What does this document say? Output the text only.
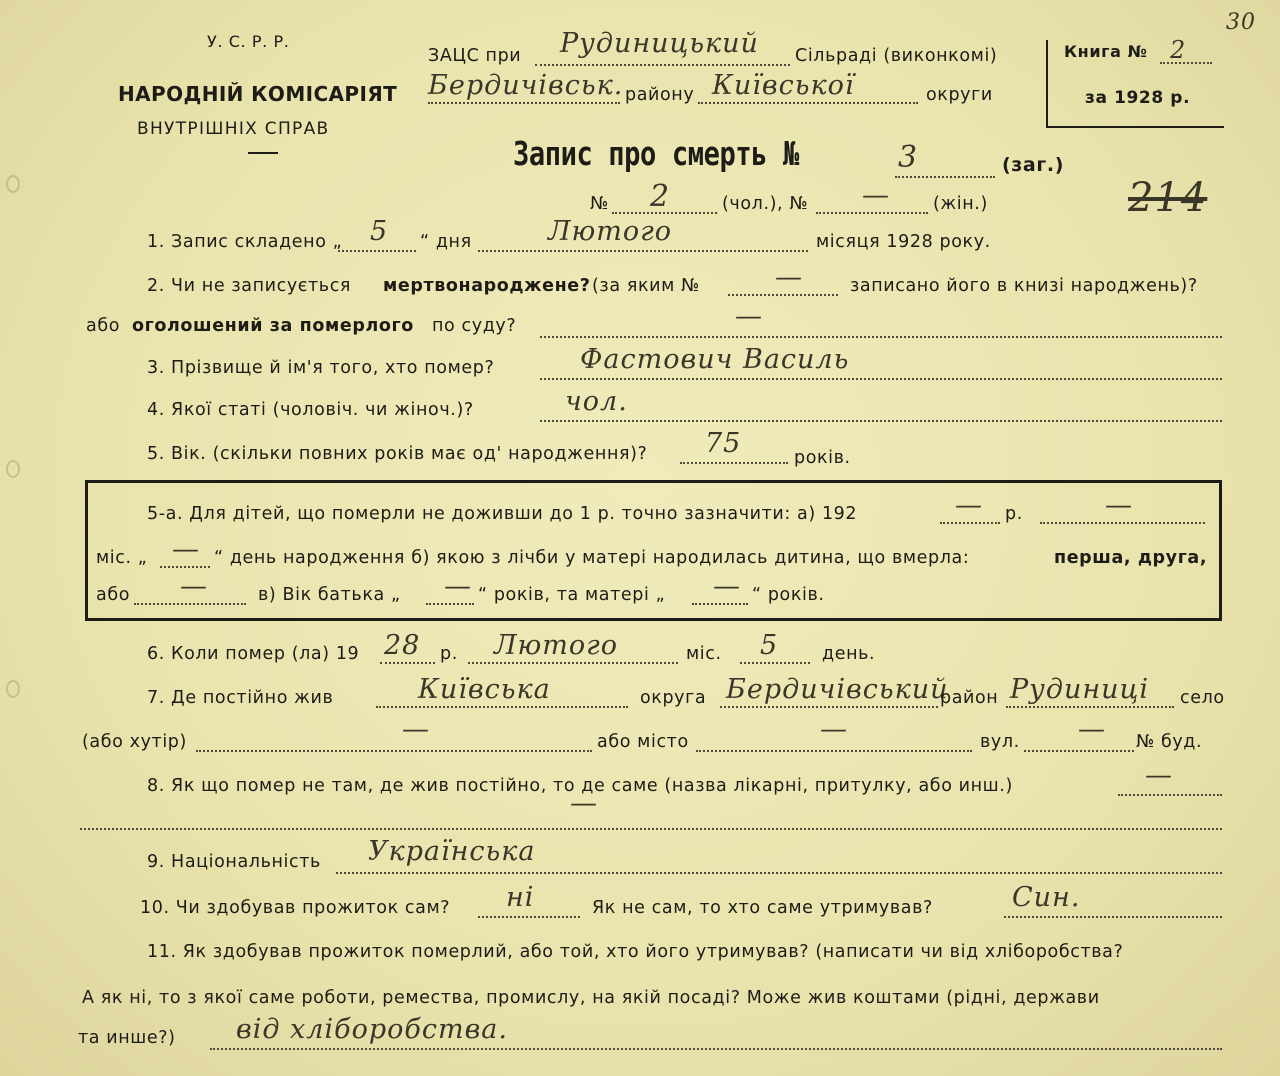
У. С. Р. Р.
НАРОДНІЙ КОМІСАРІЯТ
ВНУТРІШНІХ СПРАВ
ЗАЦС при Рудиницький Сільраді (виконкомі)
Бердичівськ. району Київської	округи
Книга № 2
30
за 1928 р.
Запис про смерть №	3	(заг.)
№ 2	(чол.), № — (жін.)	214
1. Запис складено „ 5 “ дня	Лютого	місяця 1928 року.
2. Чи не записується мертвонароджене? (за яким №	—	записано його в книзі народжень)?
або оголошений за померлого по суду?	—
3. Прізвище й ім'я того, хто помер?	Фастович Василь
4. Якої статі (чоловіч. чи жіноч.)?	чол.
5. Вік. (скільки повних років має од' народження)? 75	років.
5-а. Для дітей, що померли не доживши до 1 р. точно зазначити: а) 192	— р.	—
міс. „ — “ день народження б) якою з лічби у матері народилась дитина, що вмерла:	перша, друга,
або —	в) Вік батька „ — “ років, та матері „ — “ років.
6. Коли помер (ла) 19 28 р. Лютого	міс. 5	день.
7. Де постійно жив	Київська	округа Бердичівський
район Рудиниці село
(або хутір)	—	або місто	—	вул. — № буд.
8. Як що помер не там, де жив постійно, то де саме (назва лікарні, притулку, або инш.)	—
—
9. Національність Українська
10. Чи здобував прожиток сам? ні	Як не сам, то хто саме утримував?	Син.
11. Як здобував прожиток померлий, або той, хто його утримував? (написати чи від хліборобства?
А як ні, то з якої саме роботи, ремества, промислу, на якій посаді? Може жив коштами (рідні, держави
та инше?) від хліборобства.
